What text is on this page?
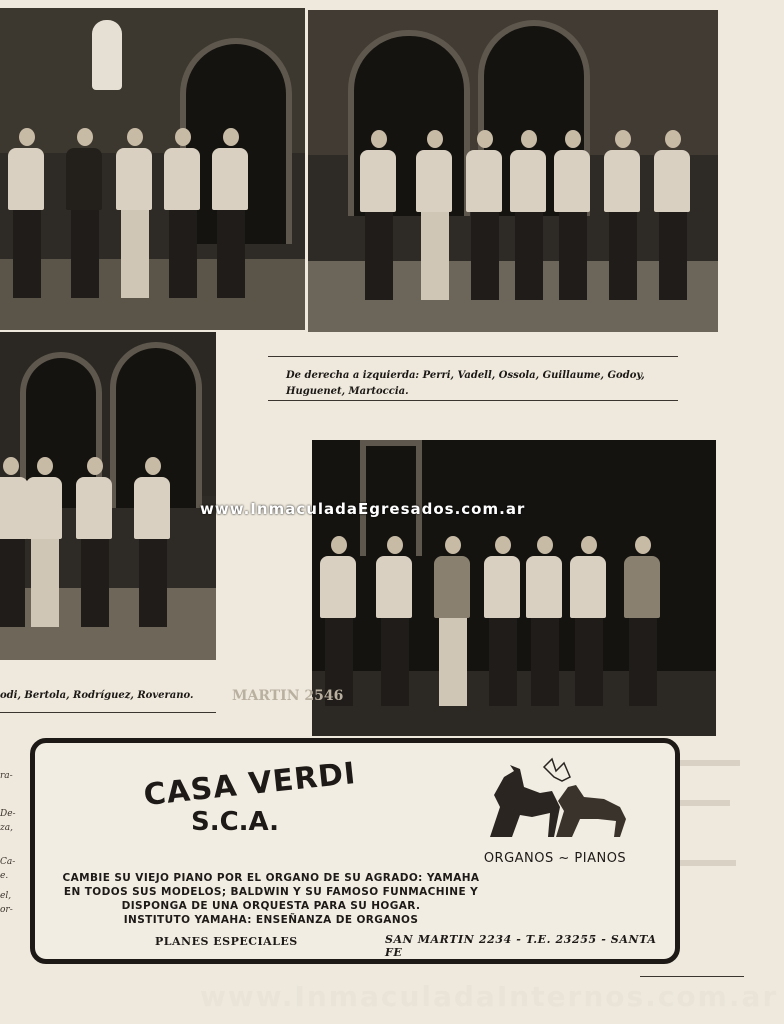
De derecha a izquierda: Perri, Vadell, Ossola, Guillaume, Godoy, Huguenet, Martoccia.
odi, Bertola, Rodríguez, Roverano.
www.InmaculadaEgresados.com.ar
MARTIN 2546
ra-
De-
za,
Ca-
e.
el,
or-
CASA VERDI
S.C.A.
ORGANOS ~ PIANOS
CAMBIE SU VIEJO PIANO POR EL ORGANO DE SU AGRADO: YAMAHA
EN TODOS SUS MODELOS; BALDWIN Y SU FAMOSO FUNMACHINE Y
DISPONGA DE UNA ORQUESTA PARA SU HOGAR.
INSTITUTO YAMAHA: ENSEÑANZA DE ORGANOS
PLANES ESPECIALES	SAN MARTIN 2234 - T.E. 23255 - SANTA FE
www.InmaculadaInternos.com.ar
